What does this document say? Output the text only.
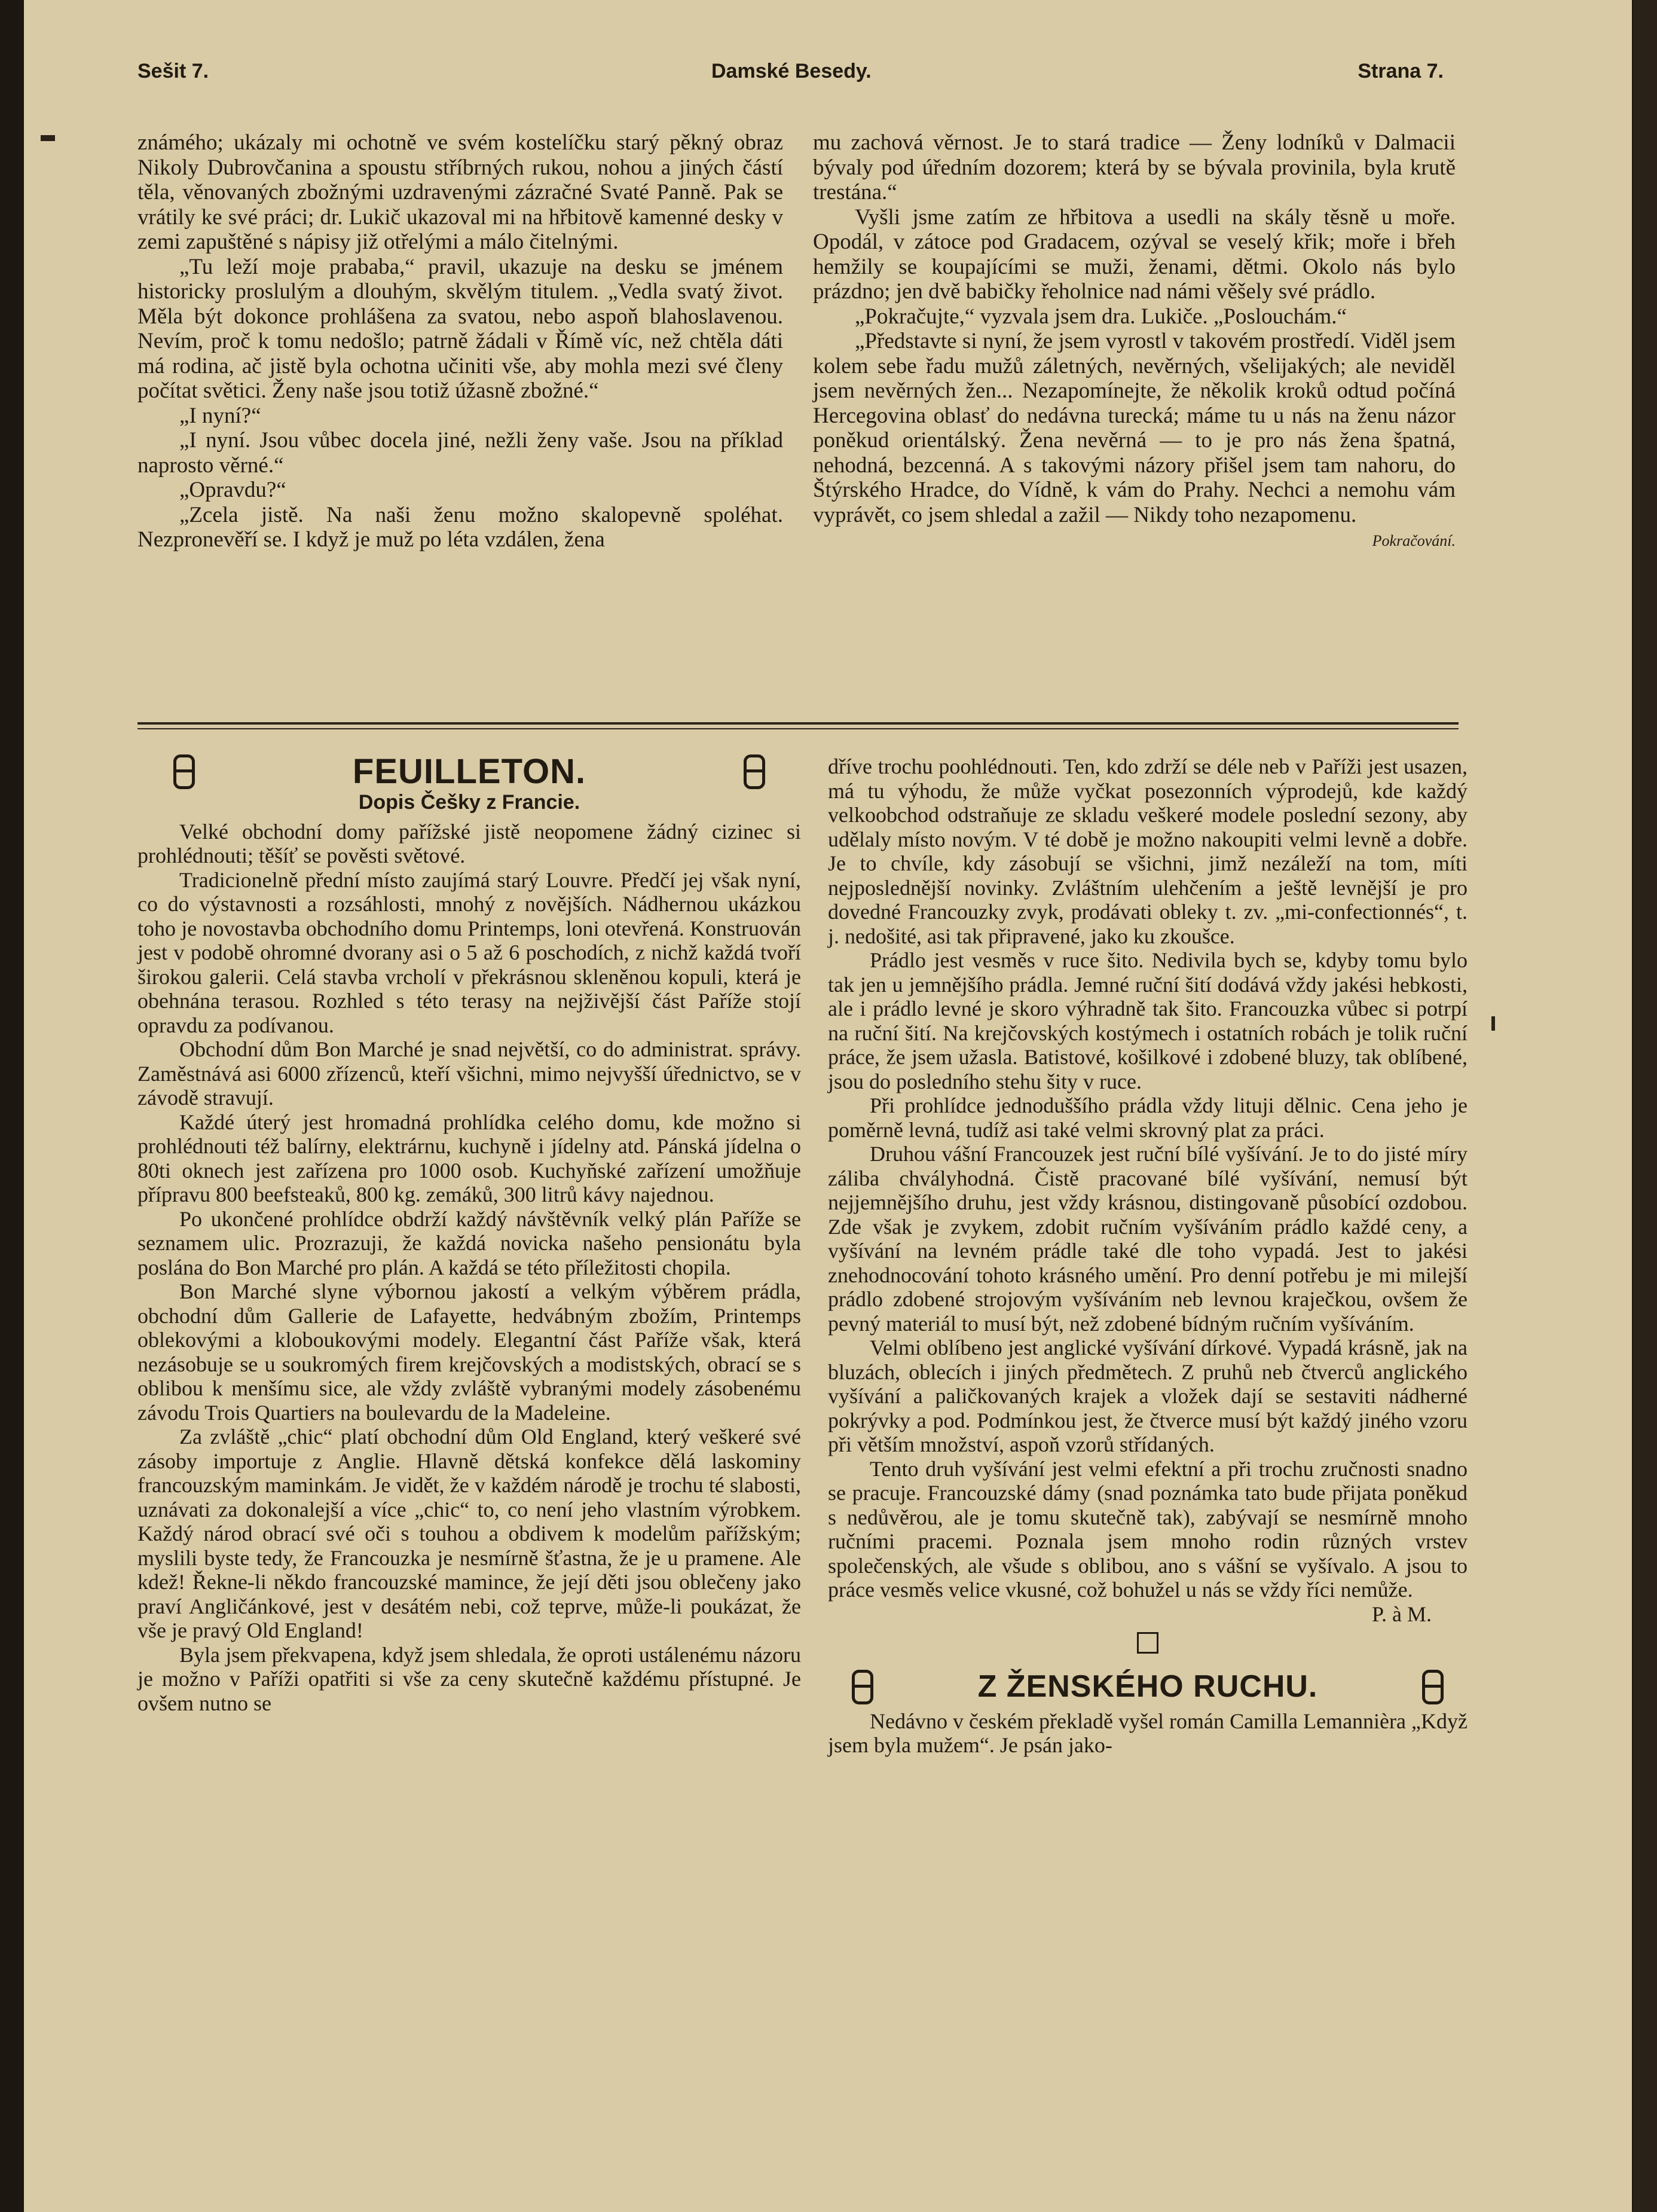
Sešit 7.	Damské Besedy.	Strana 7.

známého; ukázaly mi ochotně ve svém kostelíčku starý pěkný obraz Nikoly Dubrovčanina a spoustu stříbrných rukou, nohou a jiných částí těla, věnovaných zbožnými uzdravenými zázračné Svaté Panně. Pak se vrátily ke své práci; dr. Lukič ukazoval mi na hřbitově kamenné desky v zemi zapuštěné s nápisy již otřelými a málo čitelnými.

„Tu leží moje prababa,“ pravil, ukazuje na desku se jménem historicky proslulým a dlouhým, skvělým titulem. „Vedla svatý život. Měla být dokonce prohlášena za svatou, nebo aspoň blahoslavenou. Nevím, proč k tomu nedošlo; patrně žádali v Římě víc, než chtěla dáti má rodina, ač jistě byla ochotna učiniti vše, aby mohla mezi své členy počítat světici. Ženy naše jsou totiž úžasně zbožné.“

„I nyní?“

„I nyní. Jsou vůbec docela jiné, nežli ženy vaše. Jsou na příklad naprosto věrné.“

„Opravdu?“

„Zcela jistě. Na naši ženu možno skalopevně spoléhat. Nezpronevěří se. I když je muž po léta vzdálen, žena

mu zachová věrnost. Je to stará tradice — Ženy lodníků v Dalmacii bývaly pod úředním dozorem; která by se bývala provinila, byla krutě trestána.“

Vyšli jsme zatím ze hřbitova a usedli na skály těsně u moře. Opodál, v zátoce pod Gradacem, ozýval se veselý křik; moře i břeh hemžily se koupajícími se muži, ženami, dětmi. Okolo nás bylo prázdno; jen dvě babičky řeholnice nad námi věšely své prádlo.

„Pokračujte,“ vyzvala jsem dra. Lukiče. „Poslouchám.“

„Představte si nyní, že jsem vyrostl v takovém prostředí. Viděl jsem kolem sebe řadu mužů záletných, nevěrných, všelijakých; ale neviděl jsem nevěrných žen... Nezapomínejte, že několik kroků odtud počíná Hercegovina oblasť do nedávna turecká; máme tu u nás na ženu názor poněkud orientálský. Žena nevěrná — to je pro nás žena špatná, nehodná, bezcenná. A s takovými názory přišel jsem tam nahoru, do Štýrského Hradce, do Vídně, k vám do Prahy. Nechci a nemohu vám vyprávět, co jsem shledal a zažil — Nikdy toho nezapomenu.

Pokračování.
FEUILLETON.
Dopis Češky z Francie.

Velké obchodní domy pařížské jistě neopomene žádný cizinec si prohlédnouti; těšíť se pověsti světové.

Tradicionelně přední místo zaujímá starý Louvre. Předčí jej však nyní, co do výstavnosti a rozsáhlosti, mnohý z novějších. Nádhernou ukázkou toho je novostavba obchodního domu Printemps, loni otevřená. Konstruován jest v podobě ohromné dvorany asi o 5 až 6 poschodích, z nichž každá tvoří širokou galerii. Celá stavba vrcholí v překrásnou skleněnou kopuli, která je obehnána terasou. Rozhled s této terasy na nejživější část Paříže stojí opravdu za podívanou.

Obchodní dům Bon Marché je snad největší, co do administrat. správy. Zaměstnává asi 6000 zřízenců, kteří všichni, mimo nejvyšší úřednictvo, se v závodě stravují.

Každé úterý jest hromadná prohlídka celého domu, kde možno si prohlédnouti též balírny, elektrárnu, kuchyně i jídelny atd. Pánská jídelna o 80ti oknech jest zařízena pro 1000 osob. Kuchyňské zařízení umožňuje přípravu 800 beefsteaků, 800 kg. zemáků, 300 litrů kávy najednou.

Po ukončené prohlídce obdrží každý návštěvník velký plán Paříže se seznamem ulic. Prozrazuji, že každá novicka našeho pensionátu byla poslána do Bon Marché pro plán. A každá se této příležitosti chopila.

Bon Marché slyne výbornou jakostí a velkým výběrem prádla, obchodní dům Gallerie de Lafayette, hedvábným zbožím, Printemps oblekovými a kloboukovými modely. Elegantní část Paříže však, která nezásobuje se u soukromých firem krejčovských a modistských, obrací se s oblibou k menšímu sice, ale vždy zvláště vybranými modely zásobenému závodu Trois Quartiers na boulevardu de la Madeleine.

Za zvláště „chic“ platí obchodní dům Old England, který veškeré své zásoby importuje z Anglie. Hlavně dětská konfekce dělá laskominy francouzským maminkám. Je vidět, že v každém národě je trochu té slabosti, uznávati za dokonalejší a více „chic“ to, co není jeho vlastním výrobkem. Každý národ obrací své oči s touhou a obdivem k modelům pařížským; myslili byste tedy, že Francouzka je nesmírně šťastna, že je u pramene. Ale kdež! Řekne-li někdo francouzské mamince, že její děti jsou oblečeny jako praví Angličánkové, jest v desátém nebi, což teprve, může-li poukázat, že vše je pravý Old England!

Byla jsem překvapena, když jsem shledala, že oproti ustálenému názoru je možno v Paříži opatřiti si vše za ceny skutečně každému přístupné. Je ovšem nutno se

dříve trochu poohlédnouti. Ten, kdo zdrží se déle neb v Paříži jest usazen, má tu výhodu, že může vyčkat posezonních výprodejů, kde každý velkoobchod odstraňuje ze skladu veškeré modele poslední sezony, aby udělaly místo novým. V té době je možno nakoupiti velmi levně a dobře. Je to chvíle, kdy zásobují se všichni, jimž nezáleží na tom, míti nejposlednější novinky. Zvláštním ulehčením a ještě levnější je pro dovedné Francouzky zvyk, prodávati obleky t. zv. „mi-confectionnés“, t. j. nedošité, asi tak připravené, jako ku zkoušce.

Prádlo jest vesměs v ruce šito. Nedivila bych se, kdyby tomu bylo tak jen u jemnějšího prádla. Jemné ruční šití dodává vždy jakési hebkosti, ale i prádlo levné je skoro výhradně tak šito. Francouzka vůbec si potrpí na ruční šití. Na krejčovských kostýmech i ostatních robách je tolik ruční práce, že jsem užasla. Batistové, košilkové i zdobené bluzy, tak oblíbené, jsou do posledního stehu šity v ruce.

Při prohlídce jednoduššího prádla vždy lituji dělnic. Cena jeho je poměrně levná, tudíž asi také velmi skrovný plat za práci.

Druhou vášní Francouzek jest ruční bílé vyšívání. Je to do jisté míry záliba chvályhodná. Čistě pracované bílé vyšívání, nemusí být nejjemnějšího druhu, jest vždy krásnou, distingovaně působící ozdobou. Zde však je zvykem, zdobit ručním vyšíváním prádlo každé ceny, a vyšívání na levném prádle také dle toho vypadá. Jest to jakési znehodnocování tohoto krásného umění. Pro denní potřebu je mi milejší prádlo zdobené strojovým vyšíváním neb levnou kraječkou, ovšem že pevný materiál to musí být, než zdobené bídným ručním vyšíváním.

Velmi oblíbeno jest anglické vyšívání dírkové. Vypadá krásně, jak na bluzách, oblecích i jiných předmětech. Z pruhů neb čtverců anglického vyšívání a paličkovaných krajek a vložek dají se sestaviti nádherné pokrývky a pod. Podmínkou jest, že čtverce musí být každý jiného vzoru při větším množství, aspoň vzorů střídaných.

Tento druh vyšívání jest velmi efektní a při trochu zručnosti snadno se pracuje. Francouzské dámy (snad poznámka tato bude přijata poněkud s nedůvěrou, ale je tomu skutečně tak), zabývají se nesmírně mnoho ručními pracemi. Poznala jsem mnoho rodin různých vrstev společenských, ale všude s oblibou, ano s vášní se vyšívalo. A jsou to práce vesměs velice vkusné, což bohužel u nás se vždy říci nemůže.

P. à M.
Z ŽENSKÉHO RUCHU.

Nedávno v českém překladě vyšel román Camilla Lemannièra „Když jsem byla mužem“. Je psán jako-
